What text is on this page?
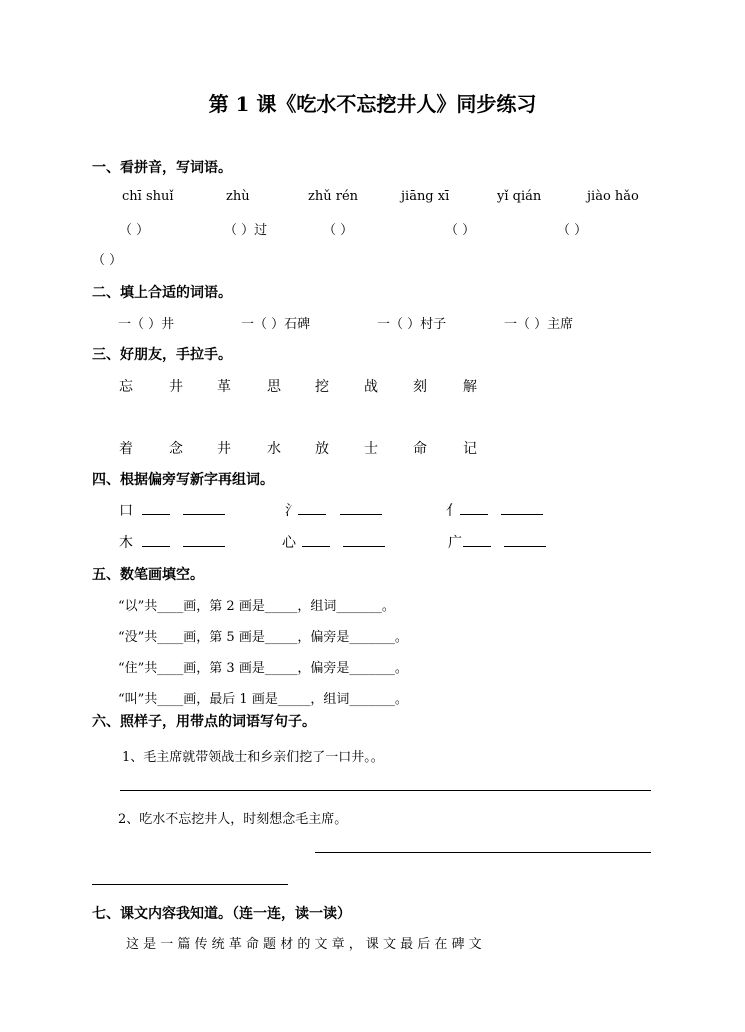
第 1 课《吃水不忘挖井人》同步练习
一、看拼音，写词语。
chī shuǐ	zhù	zhǔ rén	jiāng xī	yǐ qián	jiào hǎo
（ ）	（ ）过	（ ）	（ ）	（ ）
（ ）
二、填上合适的词语。
一（ ）井	一（ ）石碑	一（ ）村子	一（ ）主席
三、好朋友，手拉手。
忘	井 革	思 挖	战	刻	解
着	念 井	水 放	士	命	记
四、根据偏旁写新字再组词。
口	氵	亻
木	心	广
五、数笔画填空。
“以”共____画，第 2 画是_____，组词_______。
“没”共____画，第 5 画是_____，偏旁是_______。
“住”共____画，第 3 画是_____，偏旁是_______。
“叫”共____画，最后 1 画是_____，组词_______。
六、照样子，用带点的词语写句子。
1、毛主席就带领战士和乡亲们挖了一口井。。
2、吃水不忘挖井人，时刻想念毛主席。
七、课文内容我知道。（连一连，读一读）
这 是 一 篇 传 统 革 命 题 材 的 文 章 ， 课 文 最 后 在 碑 文
